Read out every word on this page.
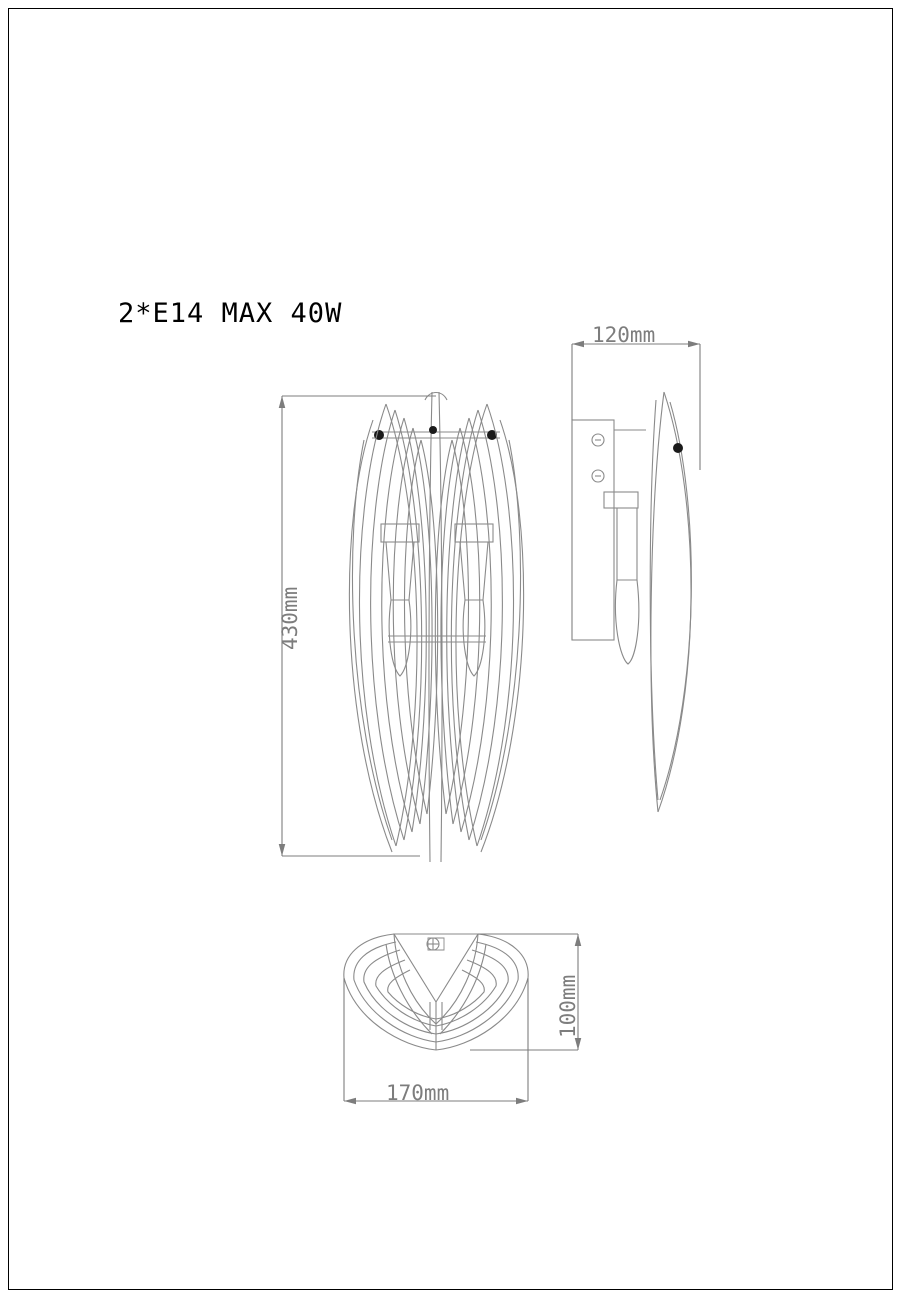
2*E14 MAX 40W
430mm
120mm
170mm
100mm
